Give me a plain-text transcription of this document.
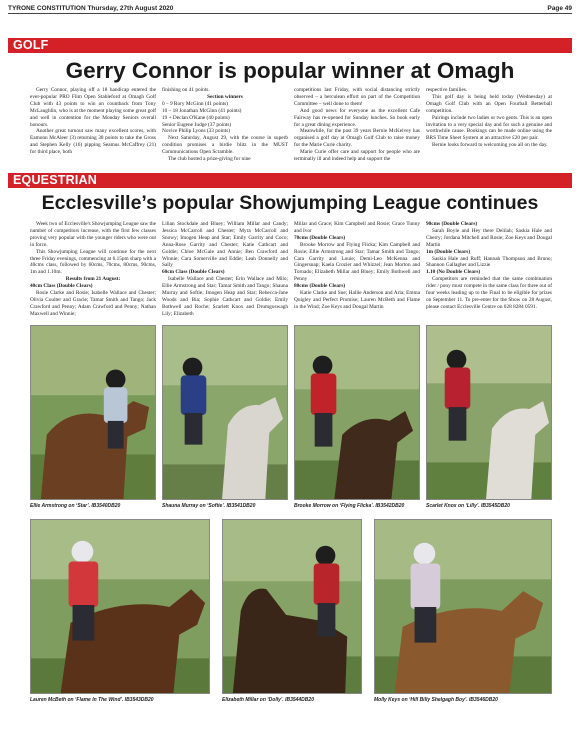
TYRONE CONSTITUTION Thursday, 27th August 2020	Page 49
GOLF
Gerry Connor is popular winner at Omagh

Gerry Connor, playing off a 18 handicap entered the ever-popular PRO Flim Open Stableford at Omagh Golf Club with 43 points to win on countback from Tony McLaughlin, who is at the moment playing some great golf and well in contention for the Monday Seniors overall honours.

Another great turnout saw many excellent scores, with Eamonn McAleer (3) returning 38 points to take the Gross and Stephen Kelly (16) pipping Seamus McCaffrey (21) for third place, both

finishing on 41 points.

Section winners

0 – 9 Rory McGinn (41 points)

10 – 18 Jonathan McGinn (41 points)

19 + Declan O'Kane (40 points)

Senior Eugene Judge (37 points)

Novice Philip Lyons (33 points)

Next Saturday, August 29, with the course in superb condition promises a birdie blitz in the MUST Communications Open Scramble.

The club hosted a prize-giving for nine

competitions last Friday, with social distancing strictly observed – a herculean effort on part of the Competition Committee – well done to them!

And good news for everyone as the excellent Cafe Fairway has re-opened for Sunday lunches. So book early for a great dining experience.

Meanwhile, for the past 39 years Bernie McKelvey has organised a golf day at Omagh Golf Club to raise money for the Marie Curie charity.

Marie Curie offer care and support for people who are terminally ill and indeed help and support the

respective families.

This golf day is being held today (Wednesday) at Omagh Golf Club with an Open Fourball Betterball competition.

Pairings include two ladies or two gents. This is an open invitation to a very special day and for such a genuine and worthwhile cause. Bookings can be made online using the BRS Time Sheet System at an attractive £20 per pair.

Bernie looks forward to welcoming you all on the day.

EQUESTRIAN
Ecclesville’s popular Showjumping League continues

Week two of Ecclesville's Showjumping League saw the number of competitors increase, with the first few classes proving very popular with the younger riders who were out in force.

This Showjumping League will continue for the next three Friday evenings, commencing at 6.15pm sharp with a 40cms class, followed by 60cms, 70cms, 80cms, 90cms, 1m and 1.10m.

Results from 21 August:

40cm Class (Double Clears)

Rosie Clarke and Rosie; Isabelle Wallace and Chester; Olivia Coulter and Gracie; Tamar Smith and Tango; Jack Crawford and Penny; Adam Crawford and Penny; Nathan Maxwell and Winnie;

Lilian Stockdale and Bluey; William Millar and Candy; Jessica McCarroll and Chester; Myra McCarroll and Snowy; Imogen Heap and Star; Emily Garrity and Coco; Anna-Rose Garrity and Chester; Katie Cathcart and Goldie; Chloe McGale and Annie; Ben Crawford and Winnie; Cara Somerville and Eddie; Leah Donnelly and Sally

60cm Class (Double Clears)

Isabelle Wallace and Chester; Erin Wallace and Milo; Ellie Armstrong and Star; Tamar Smith and Tango; Shauna Murray and Softie; Imogen Heap and Star; Rebecca-Jane Woods and Bia; Sophie Cathcart and Goldie; Emily Bothwell and Roche; Scarlett Knox and Drumgoswagh Lily; Elizabeth

Millar and Grace; Kim Campbell and Rosie; Grace Tunny and Ivor

70cms (Double Clears)

Brooke Morrow and Flying Flicka; Kim Campbell and Rosie; Ellie Armstrong and Star; Tamar Smith and Tango; Cara Garrity and Louie; Demi-Leo McKenna and Gingersnap; Kaela Crozier and Whizzel; Jean Morton and Tornado; Elizabeth Millar and Bluey; Emily Bothwell and Penny

80cms (Double Clears)

Katie Clarke and Sue; Hallie Anderson and Aria; Emma Quigley and Perfect Promise; Lauren McBeth and Flame in the Wind; Zoe Keys and Dougal Martin

90cms (Double Clears)

Sarah Boyle and Hey there Delilah; Saskia Hale and Cherry; Jordana Mitchell and Rosie; Zoe Keys and Dougal Martin

1m (Double Clears)

Saskia Hale and Ruff; Hannah Thompson and Bruno; Shannon Gallagher and Lizzie

1.10 (No Double Clears)

Competitors are reminded that the same combination rider / pony must compete in the same class for three out of four weeks leading up to the Final to be eligible for prizes on September 11. To pre-enter for the Show on 28 August, please contact Ecclesville Centre on 028 8284 0591.

Ellie Armstrong on ‘Star’. IB3540DB20	Shauna Murray on ‘Softie’. IB3541DB20	Brooke Morrow on ‘Flying Flicka’. IB3542DB20	Scarlet Knox on ‘Lilly’. IB3545DB20
Lauren McBeth on ‘Flame In The Wind’. IB3543DB20	Elizabeth Millar on ‘Dolly’. IB3544DB20	Molly Keys on ‘Hill Billy Shelgagh Boy’. IB3546DB20
